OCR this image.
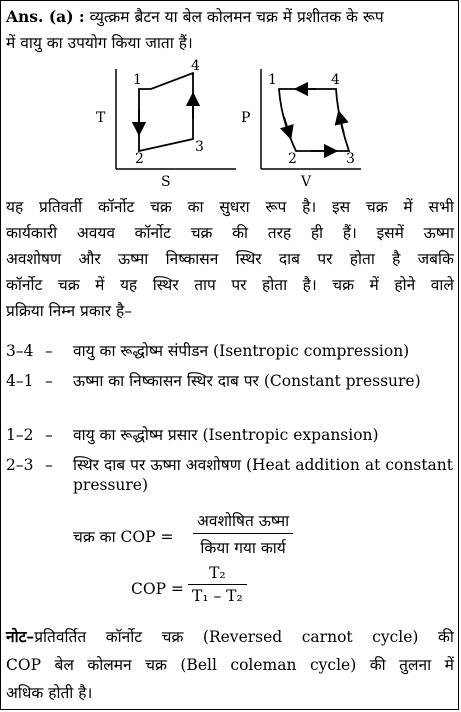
Ans. (a) : व्युत्क्रम ब्रैटन या बेल कोलमन चक्र में प्रशीतक के रूप
में वायु का उपयोग किया जाता हैं।
T
S
1
2
3
4
P
V
1
2	3
4
यह प्रतिवर्ती कॉर्नोट चक्र का सुधरा रूप है। इस चक्र में सभी
कार्यकारी अवयव कॉर्नोट चक्र की तरह ही हैं। इसमें ऊष्मा
अवशोषण और ऊष्मा निष्कासन स्थिर दाब पर होता है जबकि
कॉर्नोट चक्र में यह स्थिर ताप पर होता है। चक्र में होने वाले
प्रक्रिया निम्न प्रकार है–
3–4 – वायु का रूद्धोष्म संपीडन (Isentropic compression)
4–1 – ऊष्मा का निष्कासन स्थिर दाब पर (Constant pressure)
1–2 – वायु का रूद्धोष्म प्रसार (Isentropic expansion)
2–3 – स्थिर दाब पर ऊष्मा अवशोषण (Heat addition at constant pressure)
चक्र का COP =
अवशोषित ऊष्मा
किया गया कार्य
COP = $\frac{\text{T₂}}{\text{T₁ – T₂}}$
नोट–प्रतिवर्तित कॉर्नोट चक्र (Reversed carnot cycle) की
COP बेल कोलमन चक्र (Bell coleman cycle) की तुलना में
अधिक होती है।
